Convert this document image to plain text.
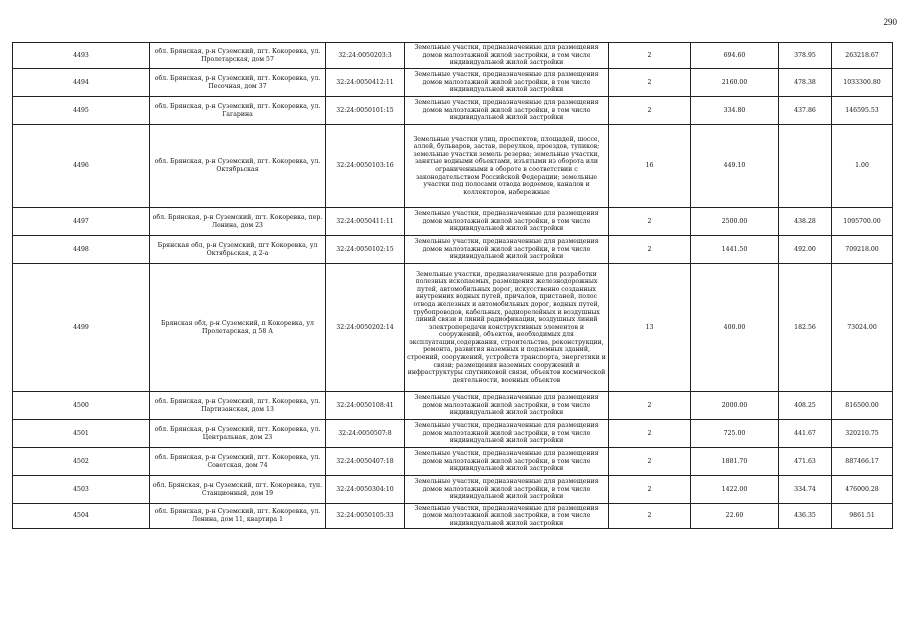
290
4493	обл. Брянская, р-н Суземский, пгт. Кокоревка, ул. Пролетарская, дом 57	32:24:0050203:3	Земельные участки, предназначенные для размещения домов малоэтажной жилой застройки, в том числе индивидуальной жилой застройки	2	694.60	378.95	263218.67
4494	обл. Брянская, р-н Суземский, пгт. Кокоревка, ул. Песочная, дом 37	32:24:0050412:11	Земельные участки, предназначенные для размещения домов малоэтажной жилой застройки, в том числе индивидуальной жилой застройки	2	2160.00	478.38	1033300.80
4495	обл. Брянская, р-н Суземский, пгт. Кокоревка, ул. Гагарина	32:24:0050101:15	Земельные участки, предназначенные для размещения домов малоэтажной жилой застройки, в том числе индивидуальной жилой застройки	2	334.80	437.86	146595.53
4496	обл. Брянская, р-н Суземский, пгт. Кокоревка, ул. Октябрьская	32:24:0050103:16	Земельные участки улиц, проспектов, площадей, шоссе, аллей, бульваров, застав, переулков, проездов, тупиков; земельные участки земель резерва; земельные участки, занятые водными объектами, изъятыми из оборота или ограниченными в обороте в соответствии с законодательством Российской Федерации; земельные участки под полосами отвода водоемов, каналов и коллекторов, набережные	16	449.10		1.00
4497	обл. Брянская, р-н Суземский, пгт. Кокоревка, пер. Ленина, дом 23	32:24:0050411:11	Земельные участки, предназначенные для размещения домов малоэтажной жилой застройки, в том числе индивидуальной жилой застройки	2	2500.00	438.28	1095700.00
4498	Брянская обл, р-н Суземский, пгт Кокоревка, ул Октябрьская, д 2-а	32:24:0050102:15	Земельные участки, предназначенные для размещения домов малоэтажной жилой застройки, в том числе индивидуальной жилой застройки	2	1441.50	492.00	709218.00
4499	Брянская обл, р-н Суземский, п Кокоревка, ул Пролетарская, д 58 А	32:24:0050202:14	Земельные участки, предназначенные для разработки полезных ископаемых, размещения железнодорожных путей, автомобильных дорог, искусственно созданных внутренних водных путей, причалов, пристаней, полос отвода железных и автомобильных дорог, водных путей, трубопроводов, кабельных, радиорелейных и воздушных линий связи и линий радиофикации, воздушных линий электропередачи конструктивных элементов и сооружений, объектов, необходимых для эксплуатации,содержания, строительства, реконструкции, ремонта, развития наземных и подземных зданий, строений, сооружений, устройств транспорта, энергетики и связи; размещения наземных сооружений и инфраструктуры спутниковой связи, объектов космической деятельности, военных объектов	13	400.00	182.56	73024.00
4500	обл. Брянская, р-н Суземский, пгт. Кокоревка, ул. Партизанская, дом 13	32:24:0050108:41	Земельные участки, предназначенные для размещения домов малоэтажной жилой застройки, в том числе индивидуальной жилой застройки	2	2000.00	408.25	816500.00
4501	обл. Брянская, р-н Суземский, пгт. Кокоревка, ул. Центральная, дом 23	32:24:0050507:8	Земельные участки, предназначенные для размещения домов малоэтажной жилой застройки, в том числе индивидуальной жилой застройки	2	725.00	441.67	320210.75
4502	обл. Брянская, р-н Суземский, пгт. Кокоревка, ул. Советская, дом 74	32:24:0050407:18	Земельные участки, предназначенные для размещения домов малоэтажной жилой застройки, в том числе индивидуальной жилой застройки	2	1881.70	471.63	887466.17
4503	обл. Брянская, р-н Суземский, пгт. Кокоревка, туп. Станционный, дом 19	32:24:0050304:10	Земельные участки, предназначенные для размещения домов малоэтажной жилой застройки, в том числе индивидуальной жилой застройки	2	1422.00	334.74	476000.28
4504	обл. Брянская, р-н Суземский, пгт. Кокоревка, ул. Ленина, дом 11, квартира 1	32:24:0050105:33	Земельные участки, предназначенные для размещения домов малоэтажной жилой застройки, в том числе индивидуальной жилой застройки	2	22.60	436.35	9861.51
